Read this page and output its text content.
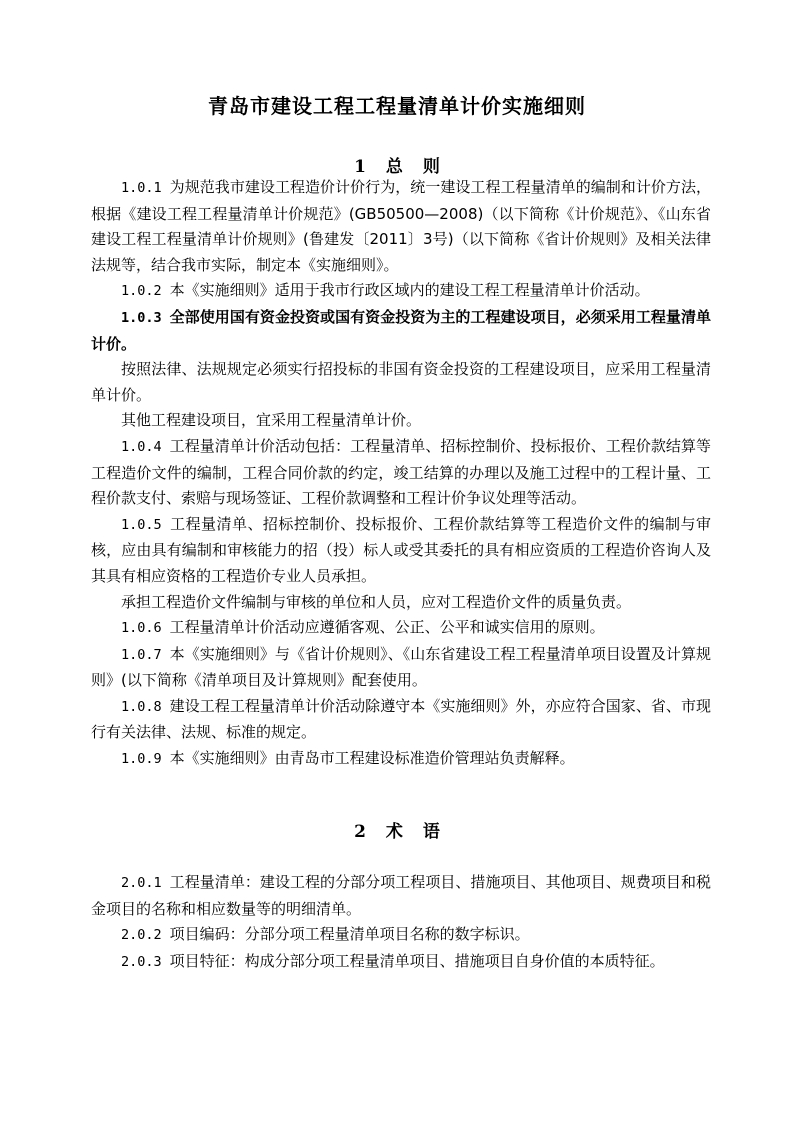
青岛市建设工程工程量清单计价实施细则
1 总 则

1.0.1 为规范我市建设工程造价计价行为，统一建设工程工程量清单的编制和计价方法，根据《建设工程工程量清单计价规范》(GB50500—2008)（以下简称《计价规范》、《山东省建设工程工程量清单计价规则》(鲁建发〔2011〕3号)（以下简称《省计价规则》及相关法律法规等，结合我市实际，制定本《实施细则》。

1.0.2 本《实施细则》适用于我市行政区域内的建设工程工程量清单计价活动。

1.0.3 全部使用国有资金投资或国有资金投资为主的工程建设项目，必须采用工程量清单计价。

按照法律、法规规定必须实行招投标的非国有资金投资的工程建设项目，应采用工程量清单计价。

其他工程建设项目，宜采用工程量清单计价。

1.0.4 工程量清单计价活动包括：工程量清单、招标控制价、投标报价、工程价款结算等工程造价文件的编制，工程合同价款的约定，竣工结算的办理以及施工过程中的工程计量、工程价款支付、索赔与现场签证、工程价款调整和工程计价争议处理等活动。

1.0.5 工程量清单、招标控制价、投标报价、工程价款结算等工程造价文件的编制与审核，应由具有编制和审核能力的招（投）标人或受其委托的具有相应资质的工程造价咨询人及其具有相应资格的工程造价专业人员承担。

承担工程造价文件编制与审核的单位和人员，应对工程造价文件的质量负责。

1.0.6 工程量清单计价活动应遵循客观、公正、公平和诚实信用的原则。

1.0.7 本《实施细则》与《省计价规则》、《山东省建设工程工程量清单项目设置及计算规则》(以下简称《清单项目及计算规则》配套使用。

1.0.8 建设工程工程量清单计价活动除遵守本《实施细则》外，亦应符合国家、省、市现行有关法律、法规、标准的规定。

1.0.9 本《实施细则》由青岛市工程建设标准造价管理站负责解释。

2 术 语

2.0.1 工程量清单：建设工程的分部分项工程项目、措施项目、其他项目、规费项目和税金项目的名称和相应数量等的明细清单。

2.0.2 项目编码：分部分项工程量清单项目名称的数字标识。

2.0.3 项目特征：构成分部分项工程量清单项目、措施项目自身价值的本质特征。
